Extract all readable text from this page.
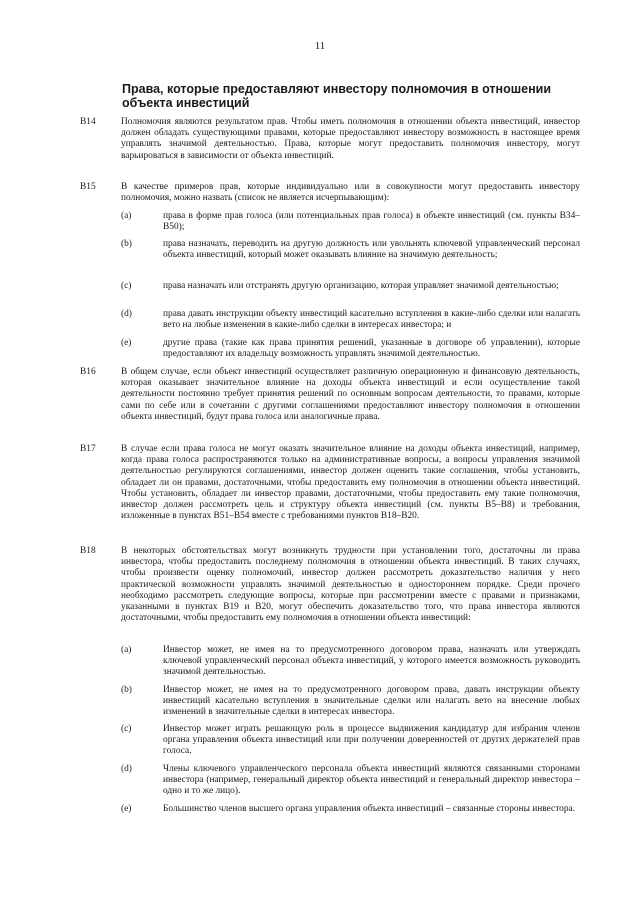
11
Права, которые предоставляют инвестору полномочия в отношении объекта инвестиций
B14	Полномочия являются результатом прав. Чтобы иметь полномочия в отношении объекта инвестиций, инвестор должен обладать существующими правами, которые предоставляют инвестору возможность в настоящее время управлять значимой деятельностью. Права, которые могут предоставить полномочия инвестору, могут варьироваться в зависимости от объекта инвестиций.
B15	В качестве примеров прав, которые индивидуально или в совокупности могут предоставить инвестору полномочия, можно назвать (список не является исчерпывающим):
(a)	права в форме прав голоса (или потенциальных прав голоса) в объекте инвестиций (см. пункты B34–B50);
(b)	права назначать, переводить на другую должность или увольнять ключевой управленческий персонал объекта инвестиций, который может оказывать влияние на значимую деятельность;
(c)	права назначать или отстранять другую организацию, которая управляет значимой деятельностью;
(d)	права давать инструкции объекту инвестиций касательно вступления в какие-либо сделки или налагать вето на любые изменения в какие-либо сделки в интересах инвестора; и
(e)	другие права (такие как права принятия решений, указанные в договоре об управлении), которые предоставляют их владельцу возможность управлять значимой деятельностью.
B16	В общем случае, если объект инвестиций осуществляет различную операционную и финансовую деятельность, которая оказывает значительное влияние на доходы объекта инвестиций и если осуществление такой деятельности постоянно требует принятия решений по основным вопросам деятельности, то правами, которые сами по себе или в сочетании с другими соглашениями предоставляют инвестору полномочия в отношении объекта инвестиций, будут права голоса или аналогичные права.
B17	В случае если права голоса не могут оказать значительное влияние на доходы объекта инвестиций, например, когда права голоса распространяются только на административные вопросы, а вопросы управления значимой деятельностью регулируются соглашениями, инвестор должен оценить такие соглашения, чтобы установить, обладает ли он правами, достаточными, чтобы предоставить ему полномочия в отношении объекта инвестиций. Чтобы установить, обладает ли инвестор правами, достаточными, чтобы предоставить ему такие полномочия, инвестор должен рассмотреть цель и структуру объекта инвестиций (см. пункты B5–B8) и требования, изложенные в пунктах B51–B54 вместе с требованиями пунктов B18–B20.
B18	В некоторых обстоятельствах могут возникнуть трудности при установлении того, достаточны ли права инвестора, чтобы предоставить последнему полномочия в отношении объекта инвестиций. В таких случаях, чтобы произвести оценку полномочий, инвестор должен рассмотреть доказательство наличия у него практической возможности управлять значимой деятельностью в одностороннем порядке. Среди прочего необходимо рассмотреть следующие вопросы, которые при рассмотрении вместе с правами и признаками, указанными в пунктах B19 и B20, могут обеспечить доказательство того, что права инвестора являются достаточными, чтобы предоставить ему полномочия в отношении объекта инвестиций:
(a)	Инвестор может, не имея на то предусмотренного договором права, назначать или утверждать ключевой управленческий персонал объекта инвестиций, у которого имеется возможность руководить значимой деятельностью.
(b)	Инвестор может, не имея на то предусмотренного договором права, давать инструкции объекту инвестиций касательно вступления в значительные сделки или налагать вето на внесение любых изменений в значительные сделки в интересах инвестора.
(c)	Инвестор может играть решающую роль в процессе выдвижения кандидатур для избрания членов органа управления объекта инвестиций или при получении доверенностей от других держателей прав голоса.
(d)	Члены ключевого управленческого персонала объекта инвестиций являются связанными сторонами инвестора (например, генеральный директор объекта инвестиций и генеральный директор инвестора – одно и то же лицо).
(e)	Большинство членов высшего органа управления объекта инвестиций – связанные стороны инвестора.
